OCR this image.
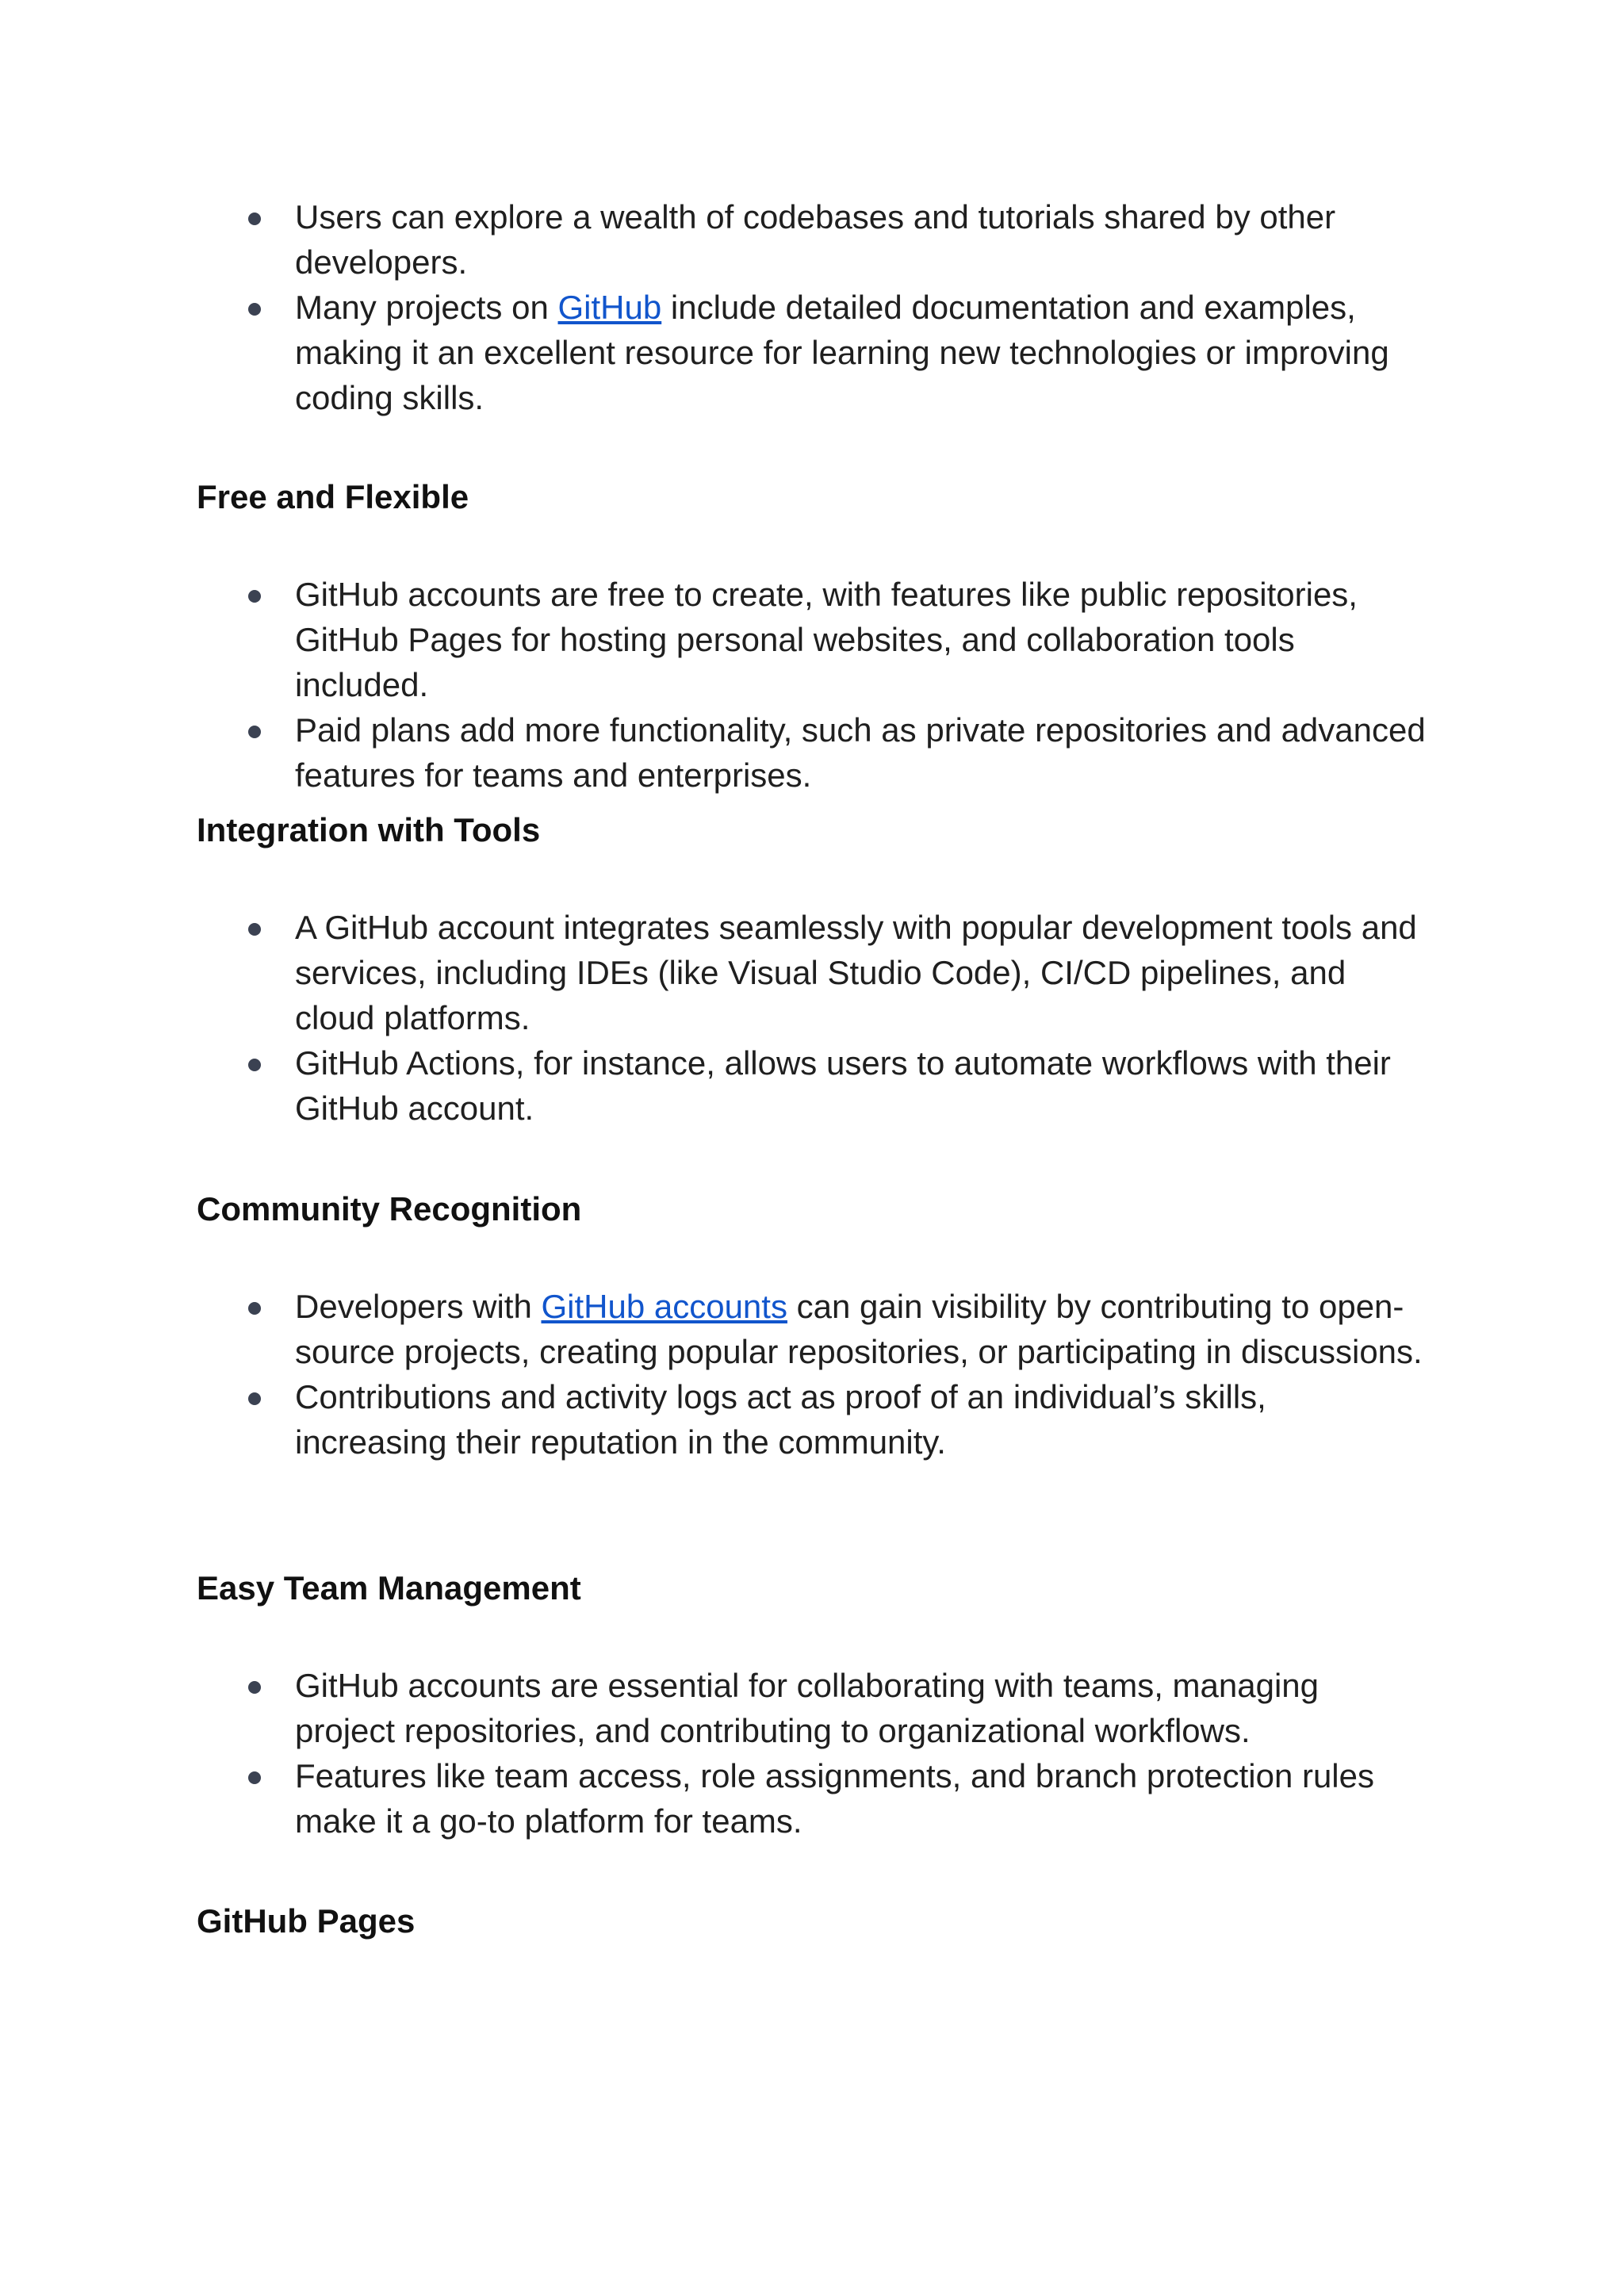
Users can explore a wealth of codebases and tutorials shared by other developers.
Many projects on GitHub include detailed documentation and examples, making it an excellent resource for learning new technologies or improving coding skills.
Free and Flexible
GitHub accounts are free to create, with features like public repositories, GitHub Pages for hosting personal websites, and collaboration tools included.
Paid plans add more functionality, such as private repositories and advanced features for teams and enterprises.
Integration with Tools
A GitHub account integrates seamlessly with popular development tools and services, including IDEs (like Visual Studio Code), CI/CD pipelines, and cloud platforms.
GitHub Actions, for instance, allows users to automate workflows with their GitHub account.
Community Recognition
Developers with GitHub accounts can gain visibility by contributing to open-source projects, creating popular repositories, or participating in discussions.
Contributions and activity logs act as proof of an individual’s skills, increasing their reputation in the community.
Easy Team Management
GitHub accounts are essential for collaborating with teams, managing project repositories, and contributing to organizational workflows.
Features like team access, role assignments, and branch protection rules make it a go-to platform for teams.
GitHub Pages
